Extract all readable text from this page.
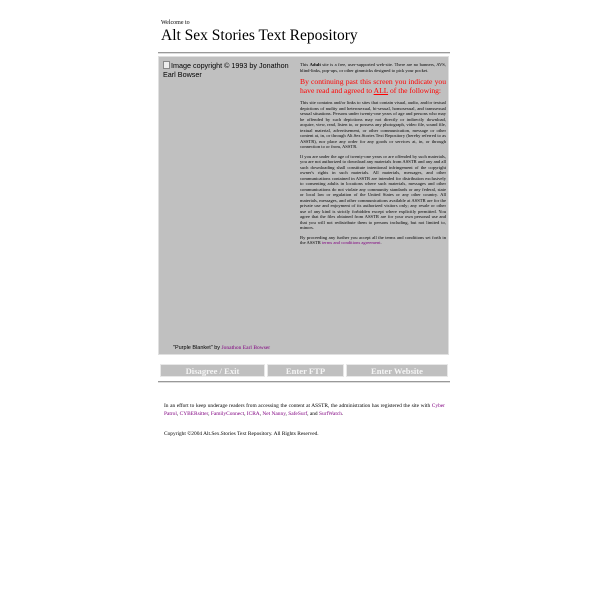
Welcome to
Alt Sex Stories Text Repository
Image copyright © 1993 by Jonathon Earl Bowser

This Adult site is a free, user-supported web-site. There are no banners, AVS, blind-links, pop-ups, or other gimmicks designed to pick your pocket.

By continuing past this screen you indicate you have read and agreed to ALL of the following:

This site contains and/or links to sites that contain visual, audio, and/or textual depictions of nudity and heterosexual, bi-sexual, homosexual, and transsexual sexual situations. Persons under twenty-one years of age and persons who may be offended by such depictions may not directly or indirectly download, acquire, view, read, listen to, or possess any photograph, video file, sound file, textual material, advertisement, or other communication, message or other content at, in, or through Alt.Sex.Stories Text Repository (hereby referred to as ASSTR), nor place any order for any goods or services at, in, or through connection to or from, ASSTR.

If you are under the age of twenty-one years or are offended by such materials, you are not authorized to download any materials from ASSTR and any and all such downloading shall constitute intentional infringement of the copyright owner's rights in such materials. All materials, messages, and other communications contained in ASSTR are intended for distribution exclusively to consenting adults in locations where such materials, messages and other communications do not violate any community standards or any federal, state or local law or regulation of the United States or any other country. All materials, messages, and other communications available at ASSTR are for the private use and enjoyment of its authorized visitors only; any resale or other use of any kind is strictly forbidden except where explicitly permitted. You agree that the files obtained from ASSTR are for your own personal use and that you will not redistribute them to persons including, but not limited to, minors.

By proceeding any further you accept all the terms and conditions set forth in the ASSTR terms and conditions agreement.

"Purple Blanket" by Jonathon Earl Bowser
Disagree / Exit	Enter FTP	Enter Website
In an effort to keep underage readers from accessing the content at ASSTR, the administration has registered the site with Cyber Patrol, CYBERsitter, FamilyConnect, ICRA, Net Nanny, SafeSurf, and SurfWatch.
Copyright ©2004 Alt.Sex.Stories Text Repository. All Rights Reserved.
